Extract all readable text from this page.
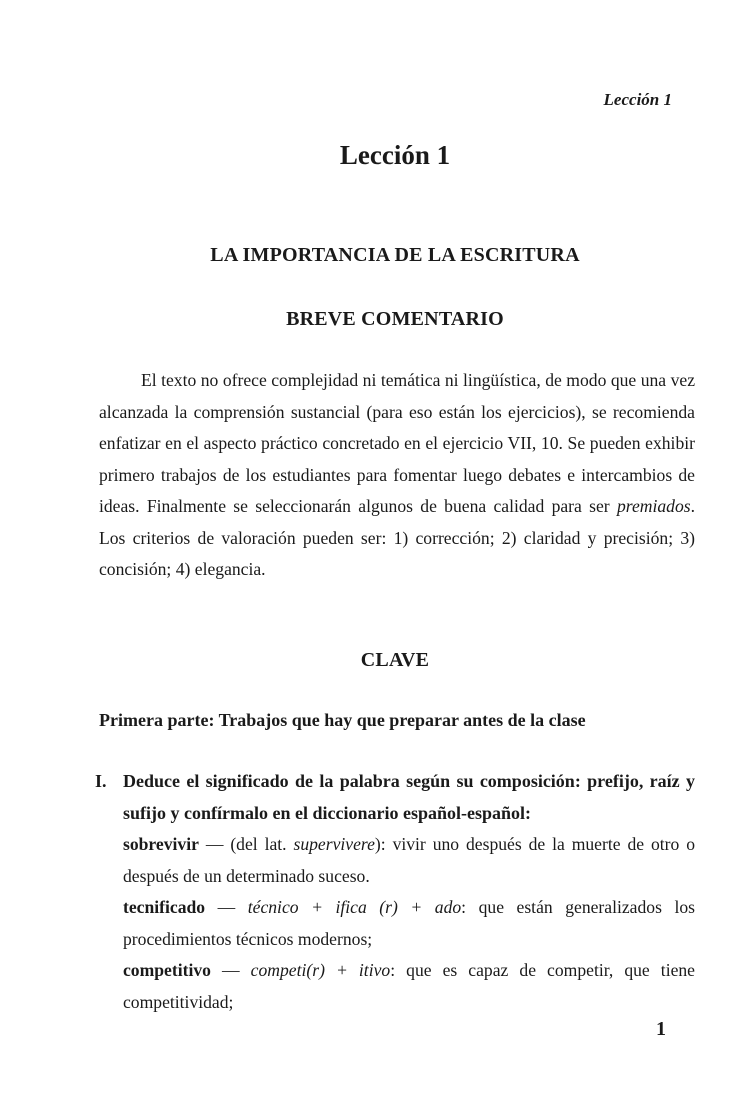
Lección 1
Lección 1
LA IMPORTANCIA DE LA ESCRITURA
BREVE COMENTARIO

El texto no ofrece complejidad ni temática ni lingüística, de modo que una vez alcanzada la comprensión sustancial (para eso están los ejercicios), se recomienda enfatizar en el aspecto práctico concretado en el ejercicio VII, 10. Se pueden exhibir primero trabajos de los estudiantes para fomentar luego debates e intercambios de ideas. Finalmente se seleccionarán algunos de buena calidad para ser premiados. Los criterios de valoración pueden ser: 1) corrección; 2) claridad y precisión; 3) concisión; 4) elegancia.

CLAVE
Primera parte: Trabajos que hay que preparar antes de la clase
I. Deduce el significado de la palabra según su composición: prefijo, raíz y sufijo y confírmalo en el diccionario español-español:
sobrevivir — (del lat. supervivere): vivir uno después de la muerte de otro o después de un determinado suceso.
tecnificado — técnico + ifica (r) + ado: que están generalizados los procedimientos técnicos modernos;
competitivo — competi(r) + itivo: que es capaz de competir, que tiene competitividad;
1
